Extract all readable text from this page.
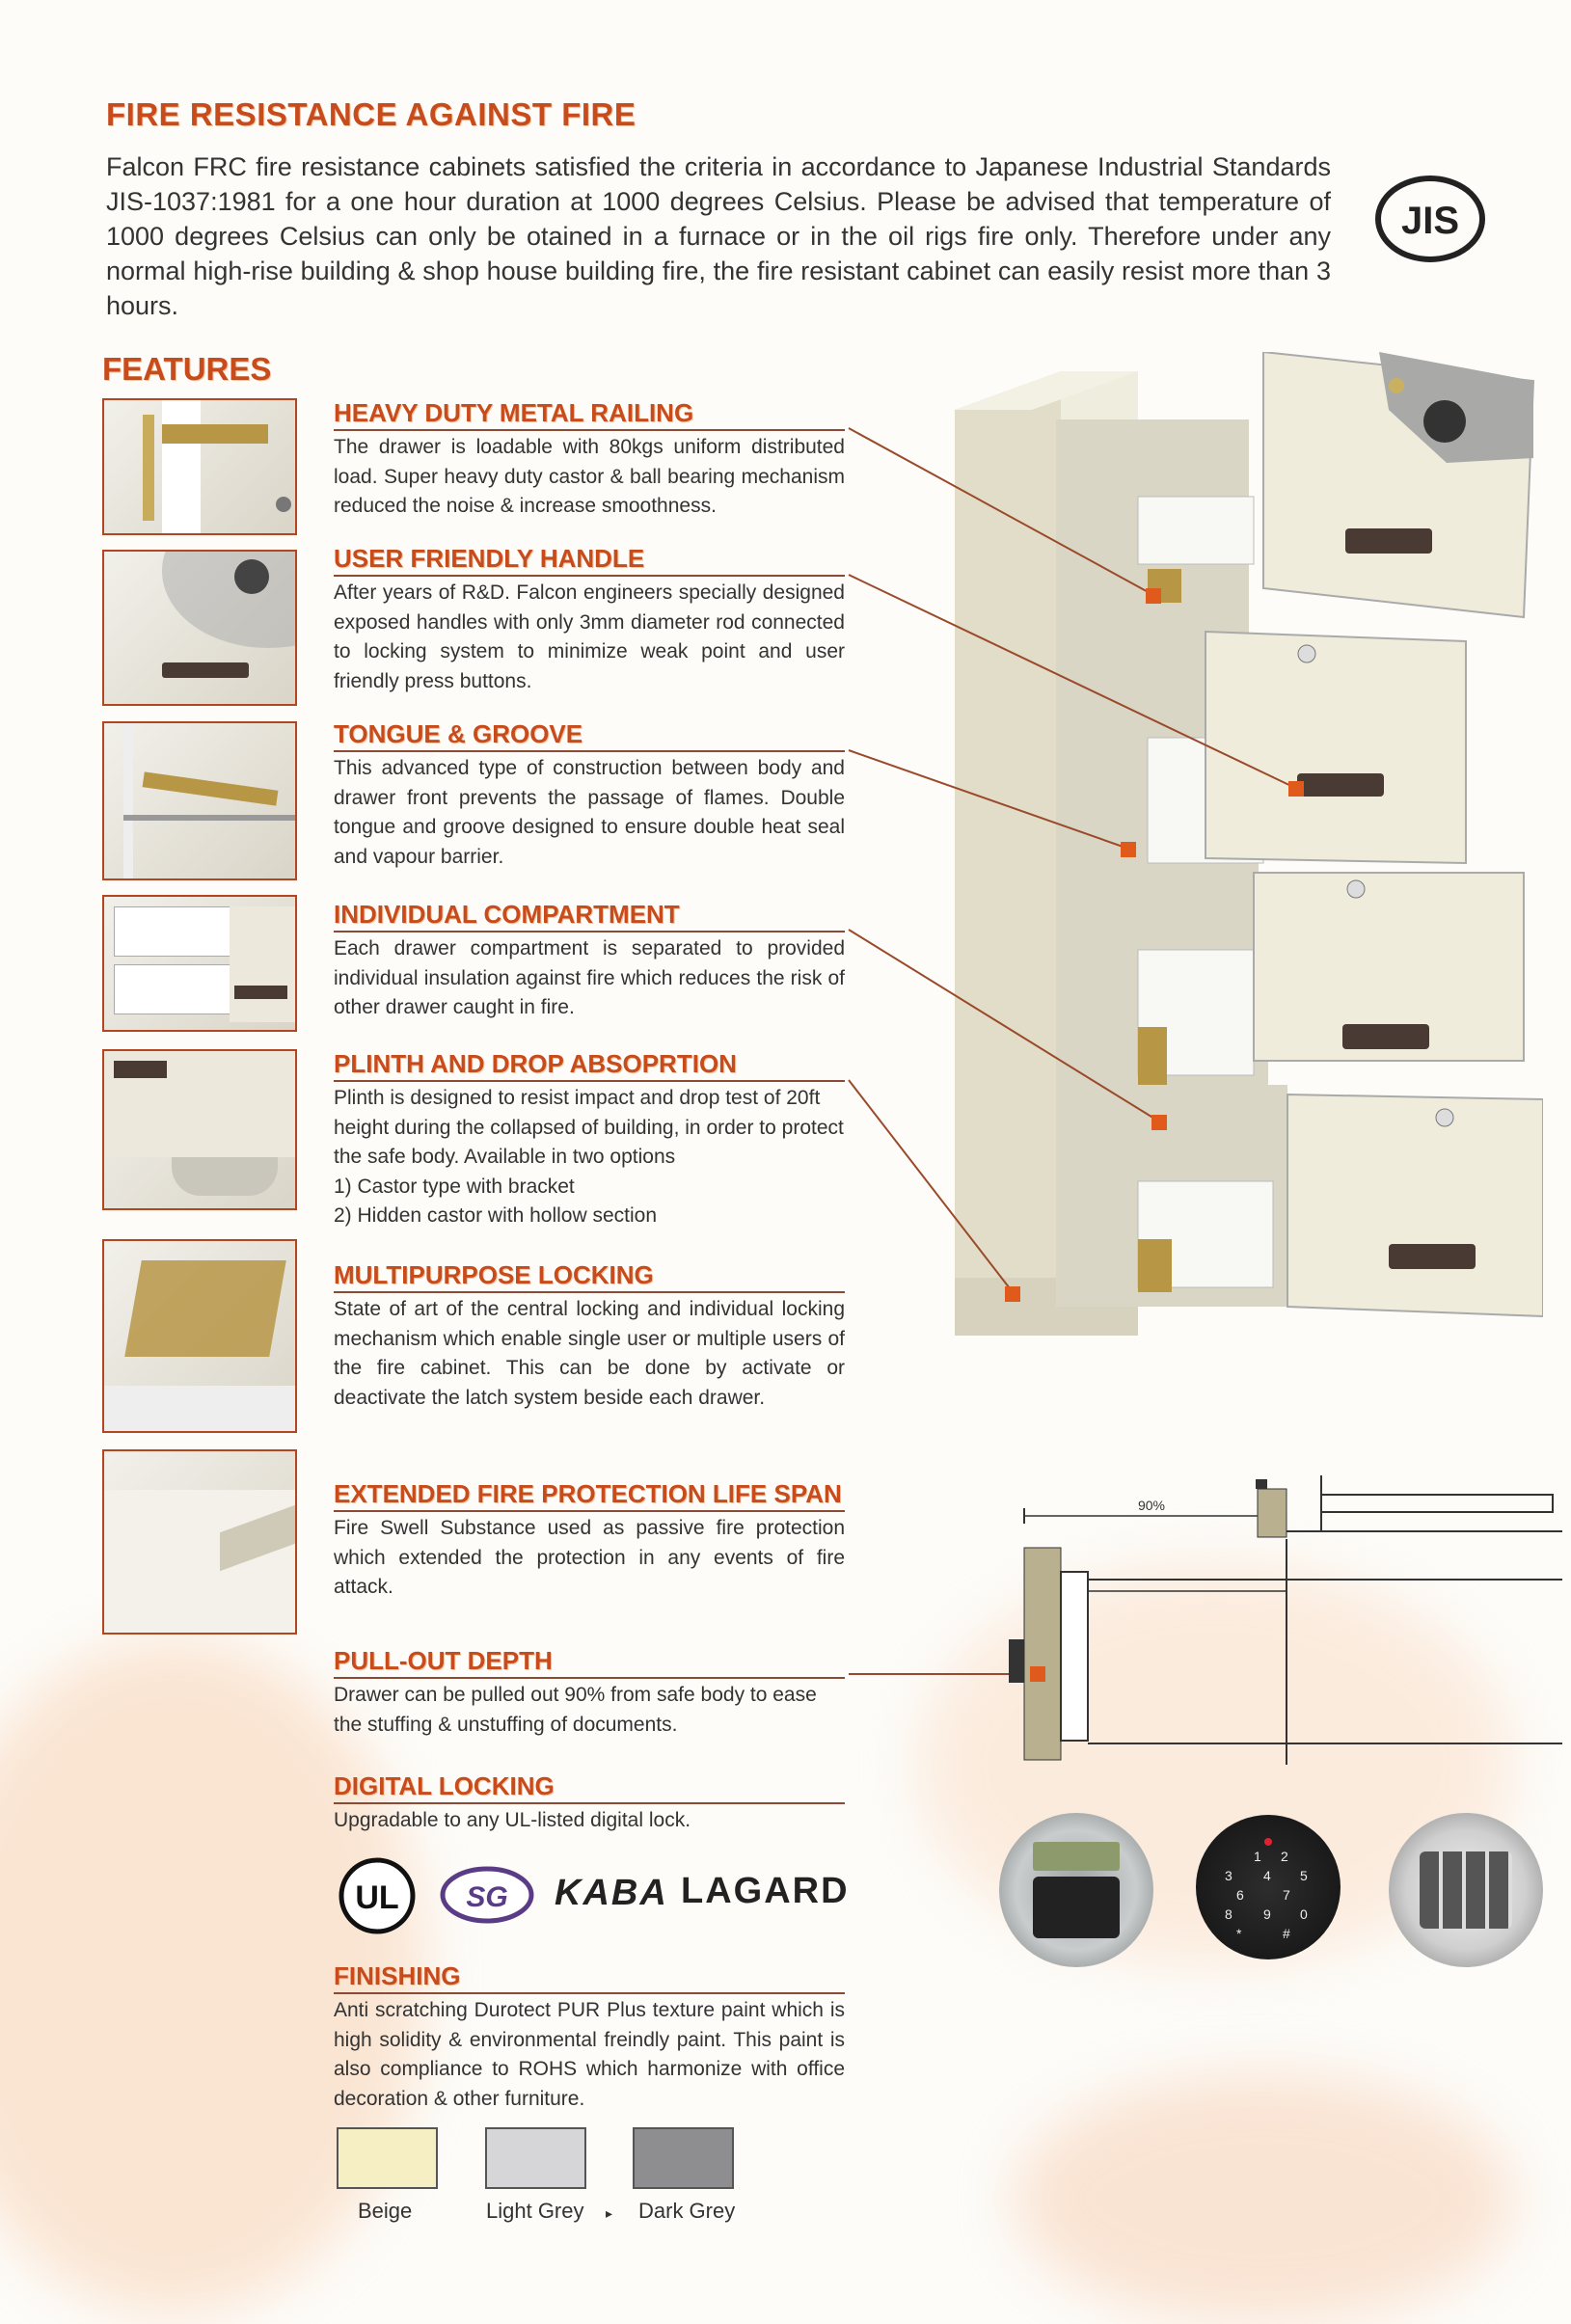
FIRE RESISTANCE AGAINST FIRE
Falcon FRC fire resistance cabinets satisfied the criteria in accordance to Japanese Industrial Standards JIS-1037:1981 for a one hour duration at 1000 degrees Celsius. Please be advised that temperature of 1000 degrees Celsius can only be otained in a furnace or in the oil rigs fire only. Therefore under any normal high-rise building & shop house building fire, the fire resistant cabinet can easily resist more than 3 hours.
JIS
FEATURES
HEAVY DUTY METAL RAILING
The drawer is loadable with 80kgs uniform distributed load. Super heavy duty castor & ball bearing mechanism reduced the noise & increase smoothness.
USER FRIENDLY HANDLE
After years of R&D. Falcon engineers specially designed exposed handles with only 3mm diameter rod connected to locking system to minimize weak point and user friendly press buttons.
TONGUE & GROOVE
This advanced type of construction between body and drawer front prevents the passage of flames. Double tongue and groove designed to ensure double heat seal and vapour barrier.
INDIVIDUAL COMPARTMENT
Each drawer compartment is separated to provided individual insulation against fire which reduces the risk of other drawer caught in fire.
PLINTH AND DROP ABSOPRTION
Plinth is designed to resist impact and drop test of 20ft height during the collapsed of building, in order to protect the safe body. Available in two options
1) Castor type with bracket
2) Hidden castor with hollow section
MULTIPURPOSE LOCKING
State of art of the central locking and individual locking mechanism which enable single user or multiple users of the fire cabinet. This can be done by activate or deactivate the latch system beside each drawer.
EXTENDED FIRE PROTECTION LIFE SPAN
Fire Swell Substance used as passive fire protection which extended the protection in any events of fire attack.
PULL-OUT DEPTH
Drawer can be pulled out 90% from safe body to ease the stuffing & unstuffing of documents.
DIGITAL LOCKING
Upgradable to any UL-listed digital lock.
UL SG KABA LAGARD
FINISHING
Anti scratching Durotect PUR Plus texture paint which is high solidity & environmental freindly paint. This paint is also compliance to ROHS which harmonize with office decoration & other furniture.
Beige	Light Grey ▸ Dark Grey
90%
1 2
3 4 5
6	7
8 9
*
0
#
